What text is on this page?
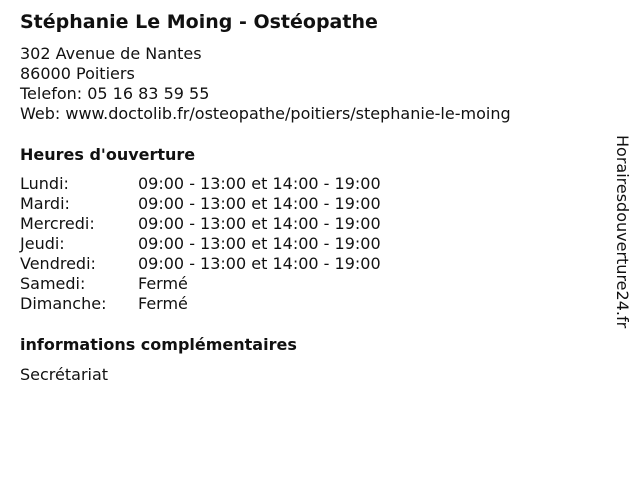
Stéphanie Le Moing - Ostéopathe
302 Avenue de Nantes
86000 Poitiers
Telefon: 05 16 83 59 55
Web: www.doctolib.fr/osteopathe/poitiers/stephanie-le-moing
Heures d'ouverture
Lundi:	09:00 - 13:00 et 14:00 - 19:00
Mardi:	09:00 - 13:00 et 14:00 - 19:00
Mercredi:	09:00 - 13:00 et 14:00 - 19:00
Jeudi:	09:00 - 13:00 et 14:00 - 19:00
Vendredi:	09:00 - 13:00 et 14:00 - 19:00
Samedi:	Fermé
Dimanche:	Fermé
informations complémentaires
Secrétariat
Horairesdouverture24.fr
